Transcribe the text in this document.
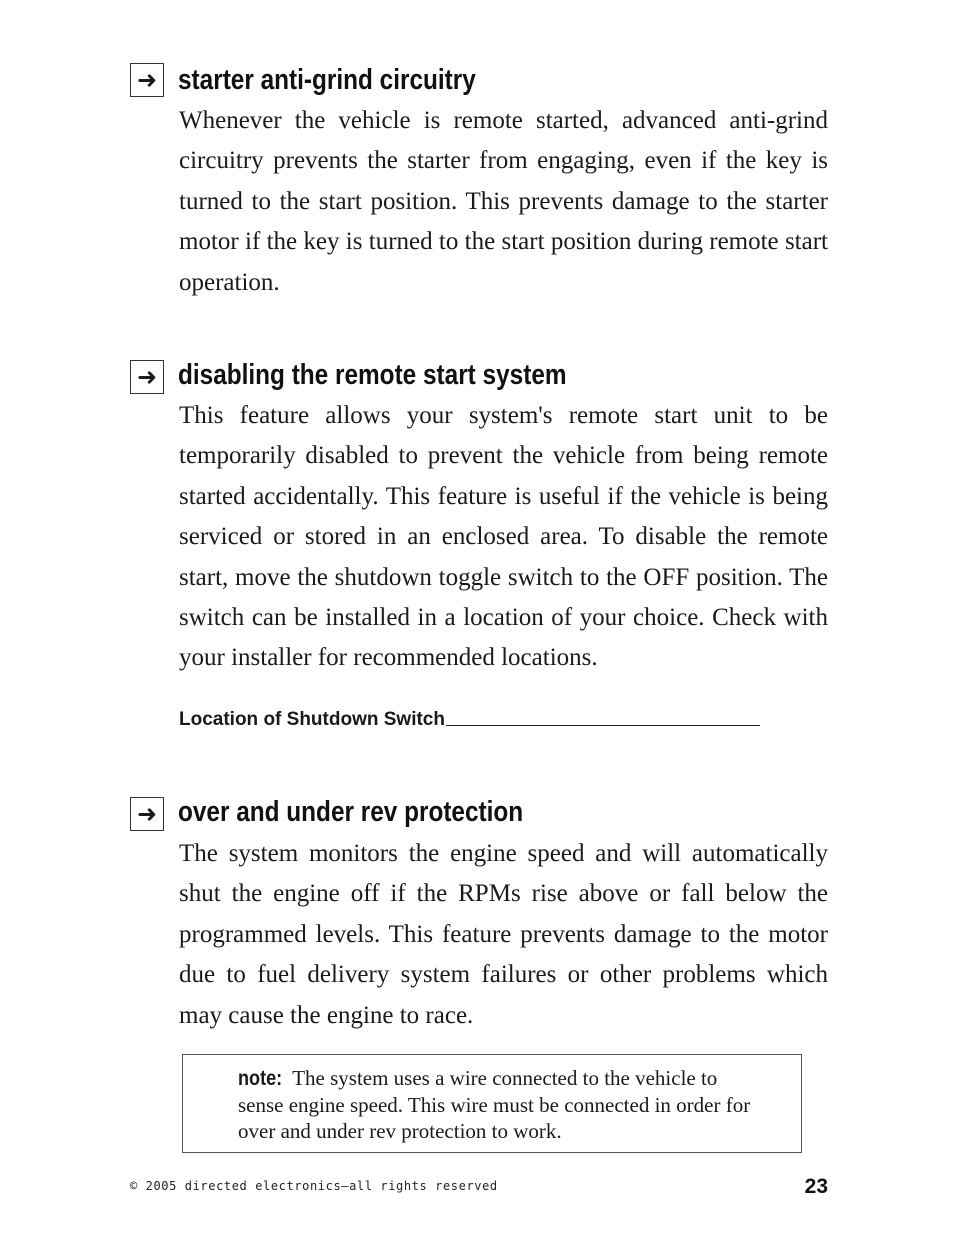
➜ starter anti-grind circuitry

Whenever the vehicle is remote started, advanced anti-grind circuitry prevents the starter from engaging, even if the key is turned to the start position. This prevents damage to the starter motor if the key is turned to the start position during remote start operation.

➜ disabling the remote start system

This feature allows your system's remote start unit to be temporarily disabled to prevent the vehicle from being remote started accidentally. This feature is useful if the vehicle is being serviced or stored in an enclosed area. To disable the remote start, move the shutdown toggle switch to the OFF position. The switch can be installed in a location of your choice. Check with your installer for recommended locations.

Location of Shutdown Switch
➜ over and under rev protection

The system monitors the engine speed and will automatically shut the engine off if the RPMs rise above or fall below the programmed levels. This feature prevents damage to the motor due to fuel delivery system failures or other problems which may cause the engine to race.

note: The system uses a wire connected to the vehicle to sense engine speed. This wire must be connected in order for over and under rev protection to work.

© 2005 directed electronics—all rights reserved	23
